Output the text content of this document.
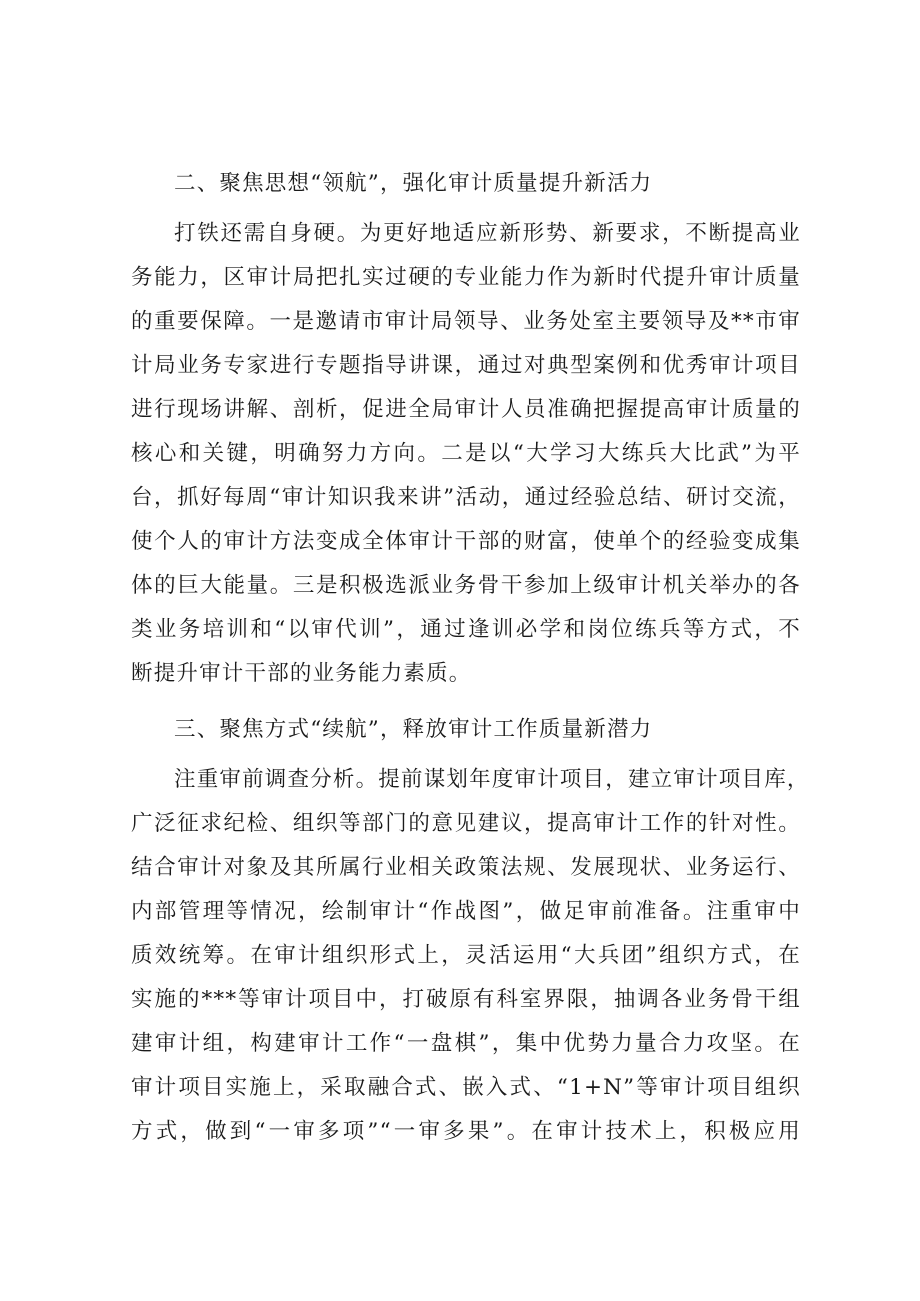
二、聚焦思想“领航”，强化审计质量提升新活力
打铁还需自身硬。为更好地适应新形势、新要求，不断提高业
务能力，区审计局把扎实过硬的专业能力作为新时代提升审计质量
的重要保障。一是邀请市审计局领导、业务处室主要领导及**市审
计局业务专家进行专题指导讲课，通过对典型案例和优秀审计项目
进行现场讲解、剖析，促进全局审计人员准确把握提高审计质量的
核心和关键，明确努力方向。二是以“大学习大练兵大比武”为平
台，抓好每周“审计知识我来讲”活动，通过经验总结、研讨交流，
使个人的审计方法变成全体审计干部的财富，使单个的经验变成集
体的巨大能量。三是积极选派业务骨干参加上级审计机关举办的各
类业务培训和“以审代训”，通过逢训必学和岗位练兵等方式，不
断提升审计干部的业务能力素质。
三、聚焦方式“续航”，释放审计工作质量新潜力
注重审前调查分析。提前谋划年度审计项目，建立审计项目库，
广泛征求纪检、组织等部门的意见建议，提高审计工作的针对性。
结合审计对象及其所属行业相关政策法规、发展现状、业务运行、
内部管理等情况，绘制审计“作战图”，做足审前准备。注重审中
质效统筹。在审计组织形式上，灵活运用“大兵团”组织方式，在
实施的***等审计项目中，打破原有科室界限，抽调各业务骨干组
建审计组，构建审计工作“一盘棋”，集中优势力量合力攻坚。在
审计项目实施上，采取融合式、嵌入式、“1+N”等审计项目组织
方式，做到“一审多项”“一审多果”。在审计技术上，积极应用
